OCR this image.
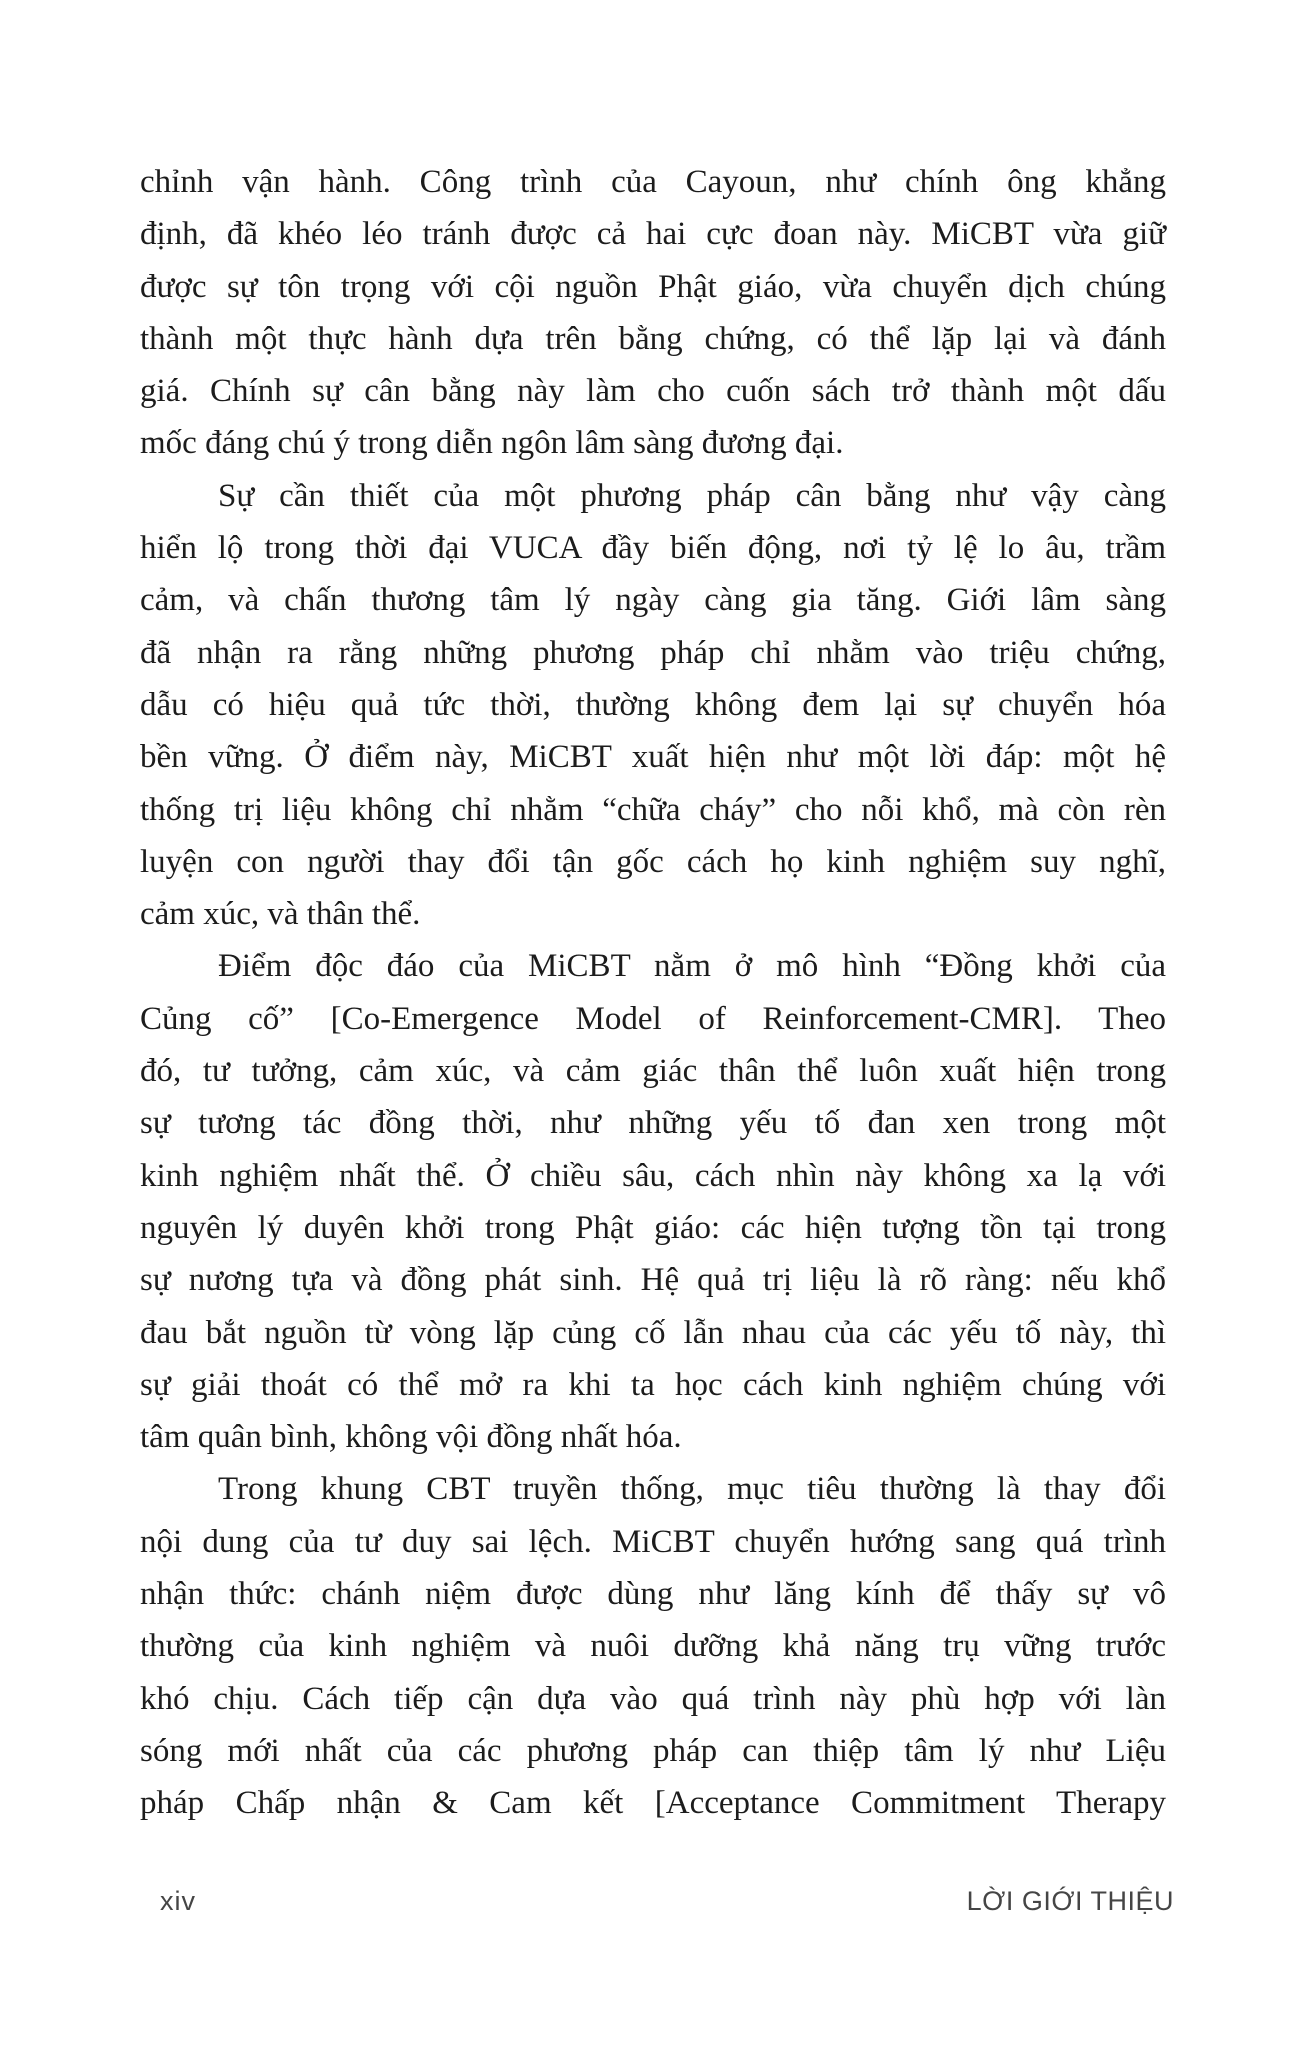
chỉnh vận hành. Công trình của Cayoun, như chính ông khẳng
định, đã khéo léo tránh được cả hai cực đoan này. MiCBT vừa giữ
được sự tôn trọng với cội nguồn Phật giáo, vừa chuyển dịch chúng
thành một thực hành dựa trên bằng chứng, có thể lặp lại và đánh
giá. Chính sự cân bằng này làm cho cuốn sách trở thành một dấu
mốc đáng chú ý trong diễn ngôn lâm sàng đương đại.
Sự cần thiết của một phương pháp cân bằng như vậy càng
hiển lộ trong thời đại VUCA đầy biến động, nơi tỷ lệ lo âu, trầm
cảm, và chấn thương tâm lý ngày càng gia tăng. Giới lâm sàng
đã nhận ra rằng những phương pháp chỉ nhằm vào triệu chứng,
dẫu có hiệu quả tức thời, thường không đem lại sự chuyển hóa
bền vững. Ở điểm này, MiCBT xuất hiện như một lời đáp: một hệ
thống trị liệu không chỉ nhằm “chữa cháy” cho nỗi khổ, mà còn rèn
luyện con người thay đổi tận gốc cách họ kinh nghiệm suy nghĩ,
cảm xúc, và thân thể.
Điểm độc đáo của MiCBT nằm ở mô hình “Đồng khởi của
Củng cố” [Co-Emergence Model of Reinforcement-CMR]. Theo
đó, tư tưởng, cảm xúc, và cảm giác thân thể luôn xuất hiện trong
sự tương tác đồng thời, như những yếu tố đan xen trong một
kinh nghiệm nhất thể. Ở chiều sâu, cách nhìn này không xa lạ với
nguyên lý duyên khởi trong Phật giáo: các hiện tượng tồn tại trong
sự nương tựa và đồng phát sinh. Hệ quả trị liệu là rõ ràng: nếu khổ
đau bắt nguồn từ vòng lặp củng cố lẫn nhau của các yếu tố này, thì
sự giải thoát có thể mở ra khi ta học cách kinh nghiệm chúng với
tâm quân bình, không vội đồng nhất hóa.
Trong khung CBT truyền thống, mục tiêu thường là thay đổi
nội dung của tư duy sai lệch. MiCBT chuyển hướng sang quá trình
nhận thức: chánh niệm được dùng như lăng kính để thấy sự vô
thường của kinh nghiệm và nuôi dưỡng khả năng trụ vững trước
khó chịu. Cách tiếp cận dựa vào quá trình này phù hợp với làn
sóng mới nhất của các phương pháp can thiệp tâm lý như Liệu
pháp Chấp nhận & Cam kết [Acceptance Commitment Therapy
xiv	LỜI GIỚI THIỆU
